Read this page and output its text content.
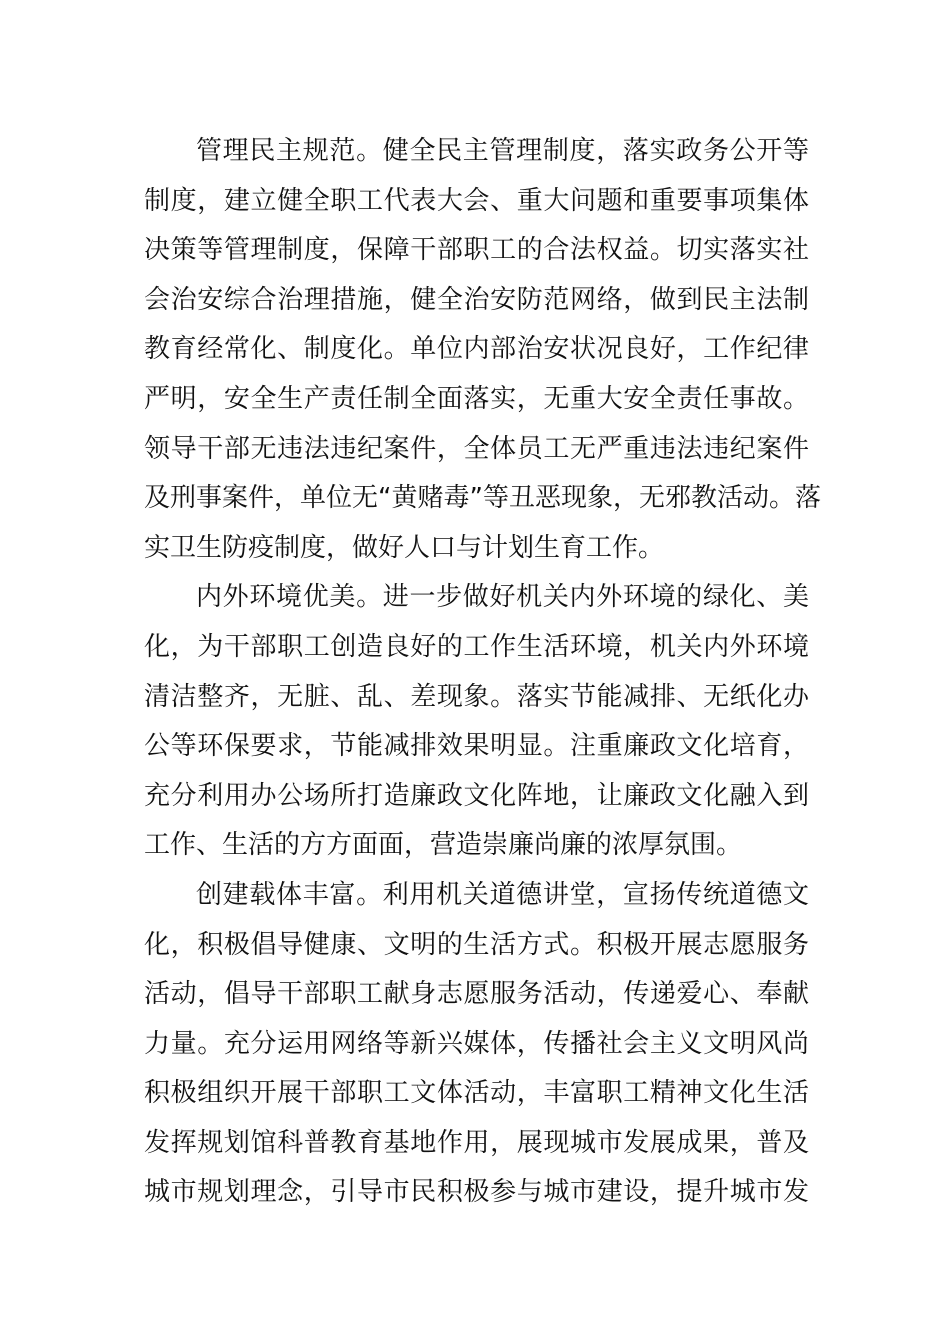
管理民主规范。健全民主管理制度，落实政务公开等
制度，建立健全职工代表大会、重大问题和重要事项集体
决策等管理制度，保障干部职工的合法权益。切实落实社
会治安综合治理措施，健全治安防范网络，做到民主法制
教育经常化、制度化。单位内部治安状况良好，工作纪律
严明，安全生产责任制全面落实，无重大安全责任事故。
领导干部无违法违纪案件，全体员工无严重违法违纪案件
及刑事案件，单位无“黄赌毒”等丑恶现象，无邪教活动。落
实卫生防疫制度，做好人口与计划生育工作。
内外环境优美。进一步做好机关内外环境的绿化、美
化，为干部职工创造良好的工作生活环境，机关内外环境
清洁整齐，无脏、乱、差现象。落实节能减排、无纸化办
公等环保要求，节能减排效果明显。注重廉政文化培育，
充分利用办公场所打造廉政文化阵地，让廉政文化融入到
工作、生活的方方面面，营造崇廉尚廉的浓厚氛围。
创建载体丰富。利用机关道德讲堂，宣扬传统道德文
化，积极倡导健康、文明的生活方式。积极开展志愿服务
活动，倡导干部职工献身志愿服务活动，传递爱心、奉献
力量。充分运用网络等新兴媒体，传播社会主义文明风尚
积极组织开展干部职工文体活动，丰富职工精神文化生活
发挥规划馆科普教育基地作用，展现城市发展成果，普及
城市规划理念，引导市民积极参与城市建设，提升城市发
